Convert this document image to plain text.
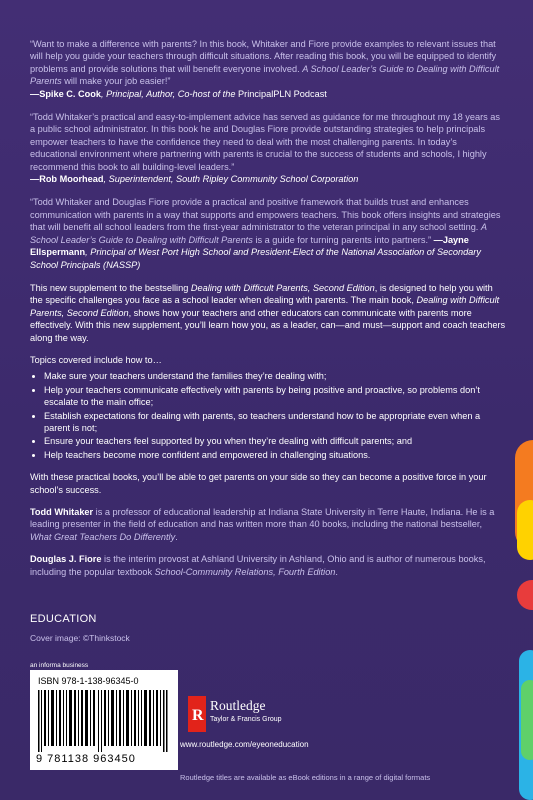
“Want to make a difference with parents? In this book, Whitaker and Fiore provide examples to relevant issues that will help you guide your teachers through difficult situations. After reading this book, you will be equipped to identify problems and provide solutions that will benefit everyone involved. A School Leader’s Guide to Dealing with Difficult Parents will make your job easier!”
—Spike C. Cook, Principal, Author, Co-host of the PrincipalPLN Podcast

“Todd Whitaker’s practical and easy-to-implement advice has served as guidance for me throughout my 18 years as a public school administrator. In this book he and Douglas Fiore provide outstanding strategies to help principals empower teachers to have the confidence they need to deal with the most challenging parents. In today’s educational environment where partnering with parents is crucial to the success of students and schools, I highly recommend this book to all building-level leaders.”
—Rob Moorhead, Superintendent, South Ripley Community School Corporation

“Todd Whitaker and Douglas Fiore provide a practical and positive framework that builds trust and enhances communication with parents in a way that supports and empowers teachers. This book offers insights and strategies that will benefit all school leaders from the first-year administrator to the veteran principal in any school setting. A School Leader’s Guide to Dealing with Difficult Parents is a guide for turning parents into partners.” —Jayne Ellspermann, Principal of West Port High School and President-Elect of the National Association of Secondary School Principals (NASSP)

This new supplement to the bestselling Dealing with Difficult Parents, Second Edition, is designed to help you with the specific challenges you face as a school leader when dealing with parents. The main book, Dealing with Difficult Parents, Second Edition, shows how your teachers and other educators can communicate with parents more effectively. With this new supplement, you’ll learn how you, as a leader, can—and must—support and coach teachers along the way.

Topics covered include how to…

• Make sure your teachers understand the families they’re dealing with;
• Help your teachers communicate effectively with parents by being positive and proactive, so problems don’t escalate to the main office;
• Establish expectations for dealing with parents, so teachers understand how to be appropriate even when a parent is not;
• Ensure your teachers feel supported by you when they’re dealing with difficult parents; and
• Help teachers become more confident and empowered in challenging situations.

With these practical books, you’ll be able to get parents on your side so they can become a positive force in your school’s success.

Todd Whitaker is a professor of educational leadership at Indiana State University in Terre Haute, Indiana. He is a leading presenter in the field of education and has written more than 40 books, including the national bestseller, What Great Teachers Do Differently.

Douglas J. Fiore is the interim provost at Ashland University in Ashland, Ohio and is author of numerous books, including the popular textbook School-Community Relations, Fourth Edition.

EDUCATION
Cover image: ©Thinkstock
an informa business
ISBN 978-1-138-96345-0
9 781138 963450
R
Routledge
Taylor & Francis Group
www.routledge.com/eyeoneducation
Routledge titles are available as eBook editions in a range of digital formats
